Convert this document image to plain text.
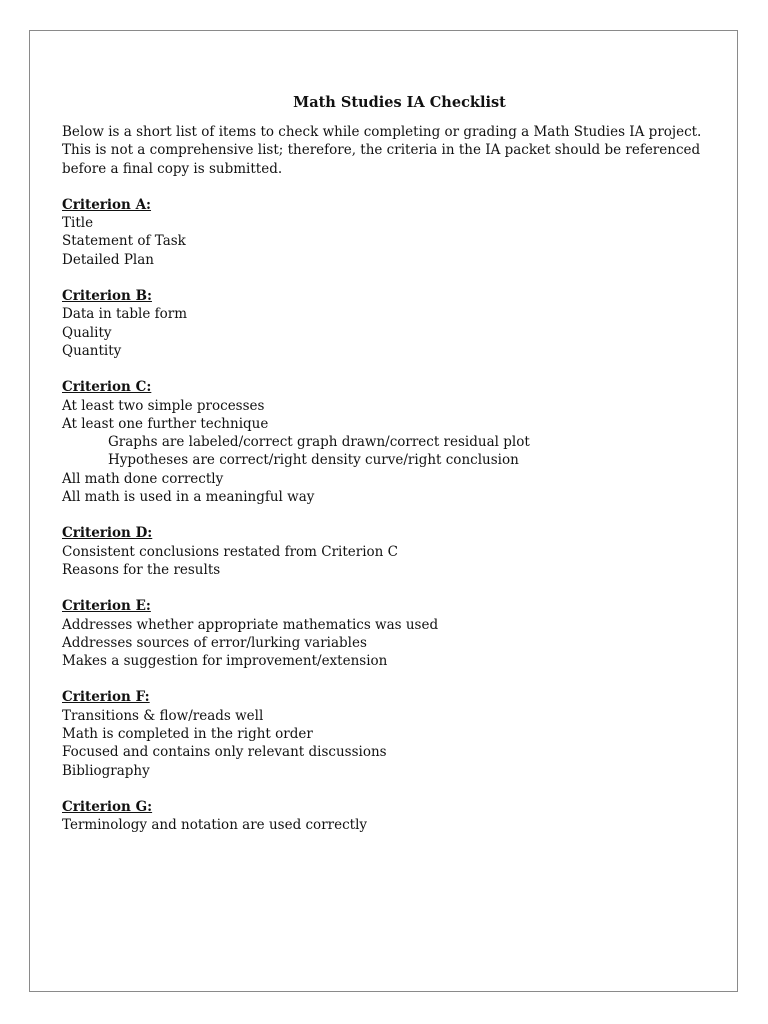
Math Studies IA Checklist

Below is a short list of items to check while completing or grading a Math Studies IA project. This is not a comprehensive list; therefore, the criteria in the IA packet should be referenced before a final copy is submitted.

Criterion A:
Title
Statement of Task
Detailed Plan
Criterion B:
Data in table form
Quality
Quantity
Criterion C:
At least two simple processes
At least one further technique
Graphs are labeled/correct graph drawn/correct residual plot
Hypotheses are correct/right density curve/right conclusion
All math done correctly
All math is used in a meaningful way
Criterion D:
Consistent conclusions restated from Criterion C
Reasons for the results
Criterion E:
Addresses whether appropriate mathematics was used
Addresses sources of error/lurking variables
Makes a suggestion for improvement/extension
Criterion F:
Transitions & flow/reads well
Math is completed in the right order
Focused and contains only relevant discussions
Bibliography
Criterion G:
Terminology and notation are used correctly
